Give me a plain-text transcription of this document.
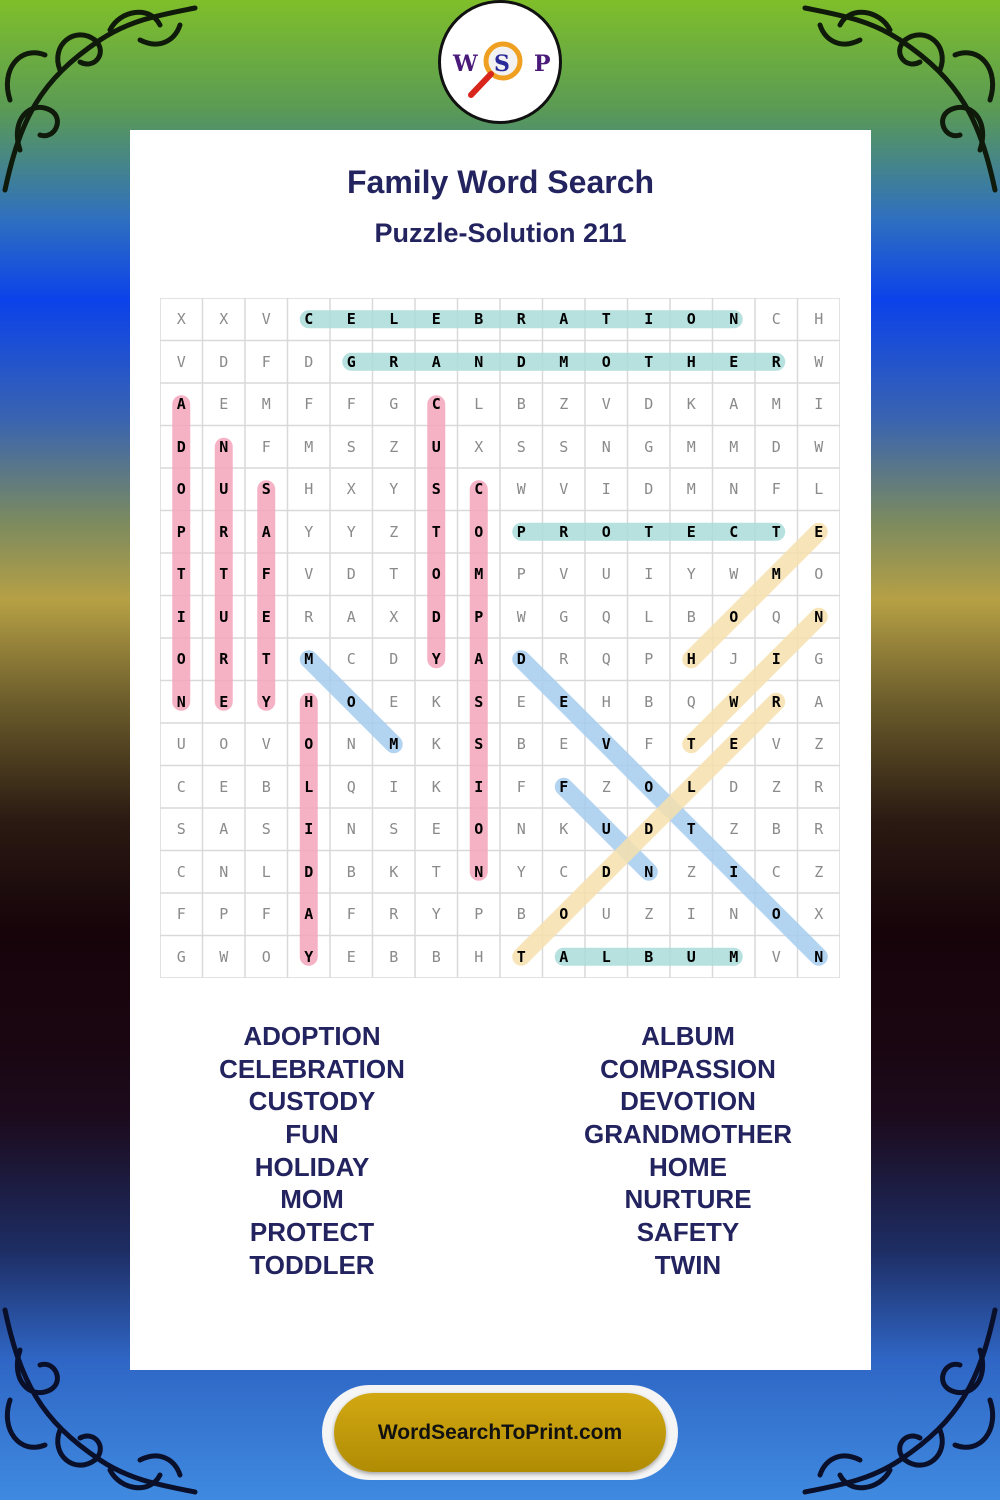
W S P
Family Word Search
Puzzle-Solution 211
X	X	V	C	E	L	E	B	R	A	T	I	O	N	C	H
V	D	F	D	G	R	A	N	D	M	O	T	H	E	R	W
A	E	M	F	F	G	C	L	B	Z	V	D	K	A	M	I
D	N	F	M	S	Z	U	X	S	S	N	G	M	M	D	W
O	U	S	H	X	Y	S	C	W	V	I	D	M	N	F	L
P	R	A	Y	Y	Z	T	O	P	R	O	T	E	C	T	E
T	T	F	V	D	T	O	M	P	V	U	I	Y	W	M	O
I	U	E	R	A	X	D	P	W	G	Q	L	B	O	Q	N
O	R	T	M	C	D	Y	A	D	R	Q	P	H	J	I	G
N	E	Y	H	O	E	K	S	E	E	H	B	Q	W	R	A
U	O	V	O	N	M	K	S	B	E	V	F	T	E	V	Z
C	E	B	L	Q	I	K	I	F	F	Z	O	L	D	Z	R
S	A	S	I	N	S	E	O	N	K	U	D	T	Z	B	R
C	N	L	D	B	K	T	N	Y	C	D	N	Z	I	C	Z
F	P	F	A	F	R	Y	P	B	O	U	Z	I	N	O	X
G	W	O	Y	E	B	B	H	T	A	L	B	U	M	V	N
ADOPTION
CELEBRATION
CUSTODY
FUN
HOLIDAY
MOM
PROTECT
TODDLER
ALBUM
COMPASSION
DEVOTION
GRANDMOTHER
HOME
NURTURE
SAFETY
TWIN
WordSearchToPrint.com
